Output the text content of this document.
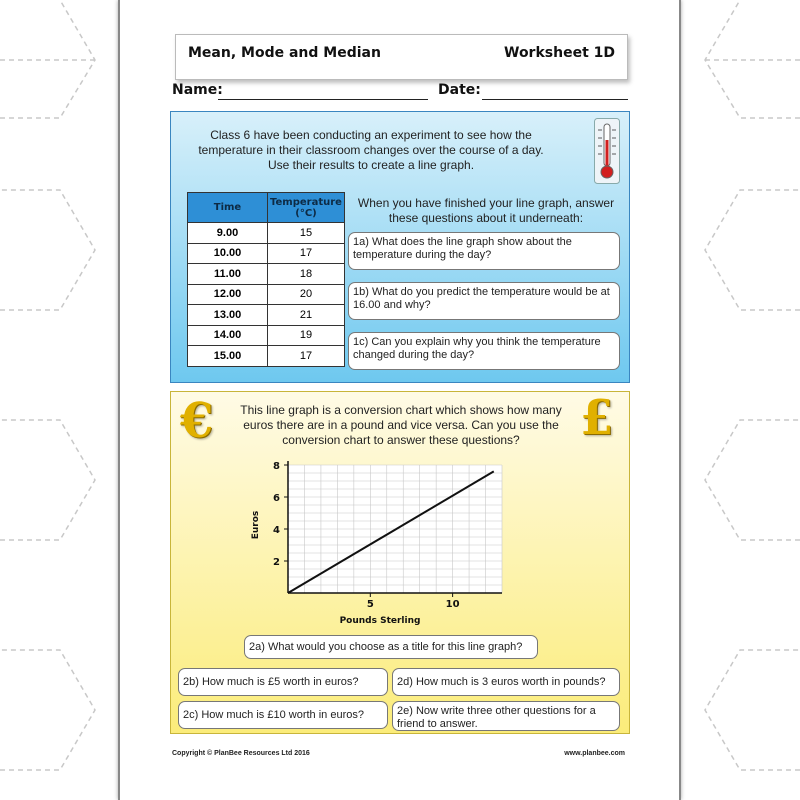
Mean, Mode and Median	Worksheet 1D
Name:	Date:
Class 6 have been conducting an experiment to see how the
temperature in their classroom changes over the course of a day.
Use their results to create a line graph.
Time	Temperature
(°C)
9.00	15
10.00	17
11.00	18
12.00	20
13.00	21
14.00	19
15.00	17
When you have finished your line graph, answer
these questions about it underneath:
1a) What does the line graph show about the temperature during the day?
1b) What do you predict the temperature would be at 16.00 and why?
1c) Can you explain why you think the temperature changed during the day?
€	£
This line graph is a conversion chart which shows how many
euros there are in a pound and vice versa. Can you use the
conversion chart to answer these questions?
2
4
6
8
5	10
Pounds Sterling
Euros
2a) What would you choose as a title for this line graph?
2b) How much is £5 worth in euros?
2c) How much is £10 worth in euros?
2d) How much is 3 euros worth in pounds?
2e) Now write three other questions for a friend to answer.
Copyright © PlanBee Resources Ltd 2016	www.planbee.com
